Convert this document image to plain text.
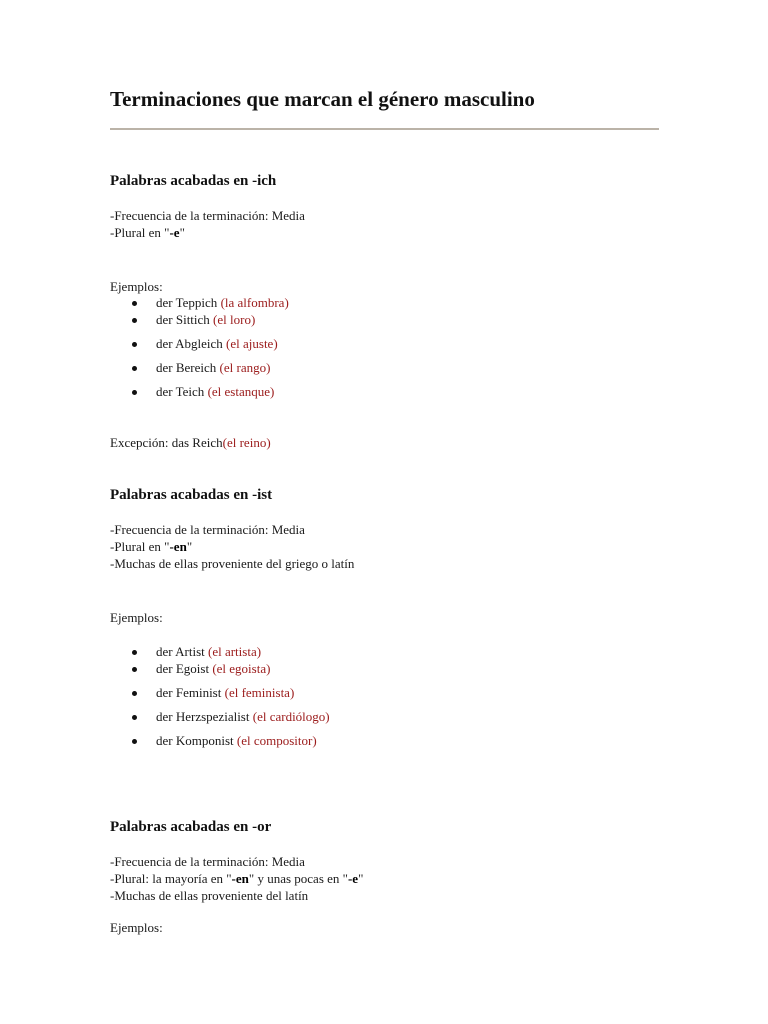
Terminaciones que marcan el género masculino
Palabras acabadas en -ich
-Frecuencia de la terminación: Media
-Plural en "-e"
Ejemplos:
der Teppich (la alfombra)
der Sittich (el loro)
der Abgleich (el ajuste)
der Bereich (el rango)
der Teich (el estanque)
Excepción: das Reich(el reino)
Palabras acabadas en -ist
-Frecuencia de la terminación: Media
-Plural en "-en"
-Muchas de ellas proveniente del griego o latín
Ejemplos:
der Artist (el artista)
der Egoist (el egoista)
der Feminist (el feminista)
der Herzspezialist (el cardiólogo)
der Komponist (el compositor)
Palabras acabadas en -or
-Frecuencia de la terminación: Media
-Plural: la mayoría en "-en" y unas pocas en "-e"
-Muchas de ellas proveniente del latín
Ejemplos:
